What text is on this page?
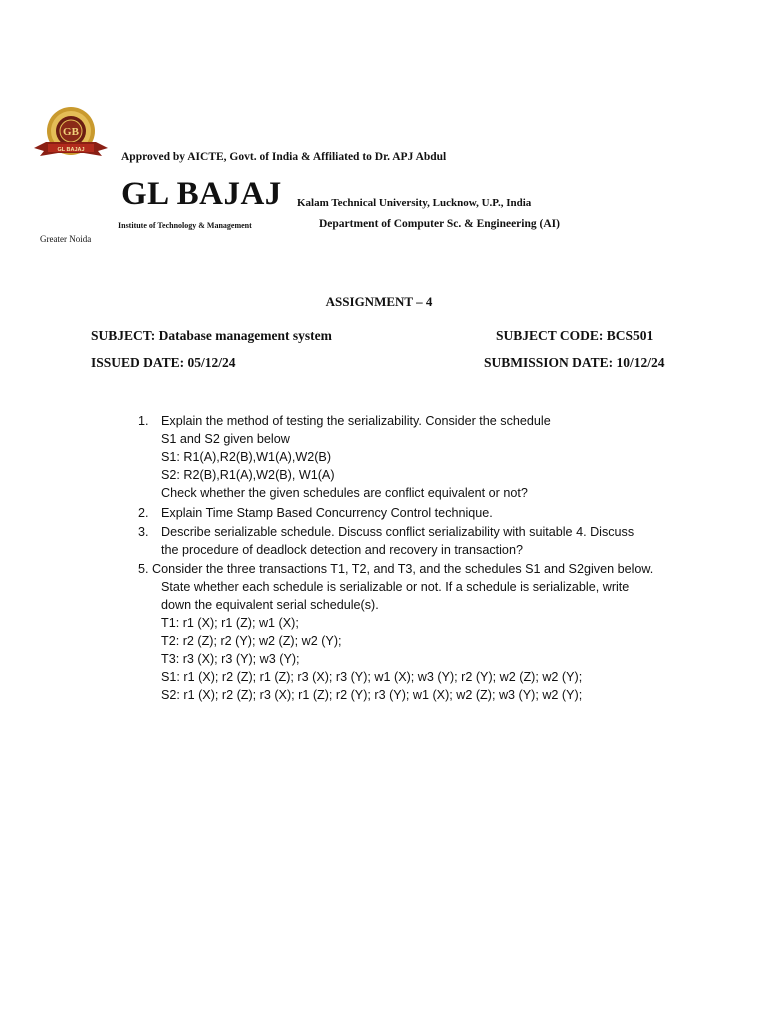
GB
GL BAJAJ
Approved by AICTE, Govt. of India & Affiliated to Dr. APJ Abdul
GL BAJAJ Kalam Technical University, Lucknow, U.P., India
Institute of Technology & Management	Department of Computer Sc. & Engineering (AI)
Greater Noida
ASSIGNMENT – 4
SUBJECT: Database management system	SUBJECT CODE: BCS501
ISSUED DATE: 05/12/24	SUBMISSION DATE: 10/12/24
1. Explain the method of testing the serializability. Consider the schedule
S1 and S2 given below
S1: R1(A),R2(B),W1(A),W2(B)
S2: R2(B),R1(A),W2(B), W1(A)
Check whether the given schedules are conflict equivalent or not?
2. Explain Time Stamp Based Concurrency Control technique.
3. Describe serializable schedule. Discuss conflict serializability with suitable 4. Discuss
the procedure of deadlock detection and recovery in transaction?
5. Consider the three transactions T1, T2, and T3, and the schedules S1 and S2given below.
State whether each schedule is serializable or not. If a schedule is serializable, write
down the equivalent serial schedule(s).
T1: r1 (X); r1 (Z); w1 (X);
T2: r2 (Z); r2 (Y); w2 (Z); w2 (Y);
T3: r3 (X); r3 (Y); w3 (Y);
S1: r1 (X); r2 (Z); r1 (Z); r3 (X); r3 (Y); w1 (X); w3 (Y); r2 (Y); w2 (Z); w2 (Y);
S2: r1 (X); r2 (Z); r3 (X); r1 (Z); r2 (Y); r3 (Y); w1 (X); w2 (Z); w3 (Y); w2 (Y);
